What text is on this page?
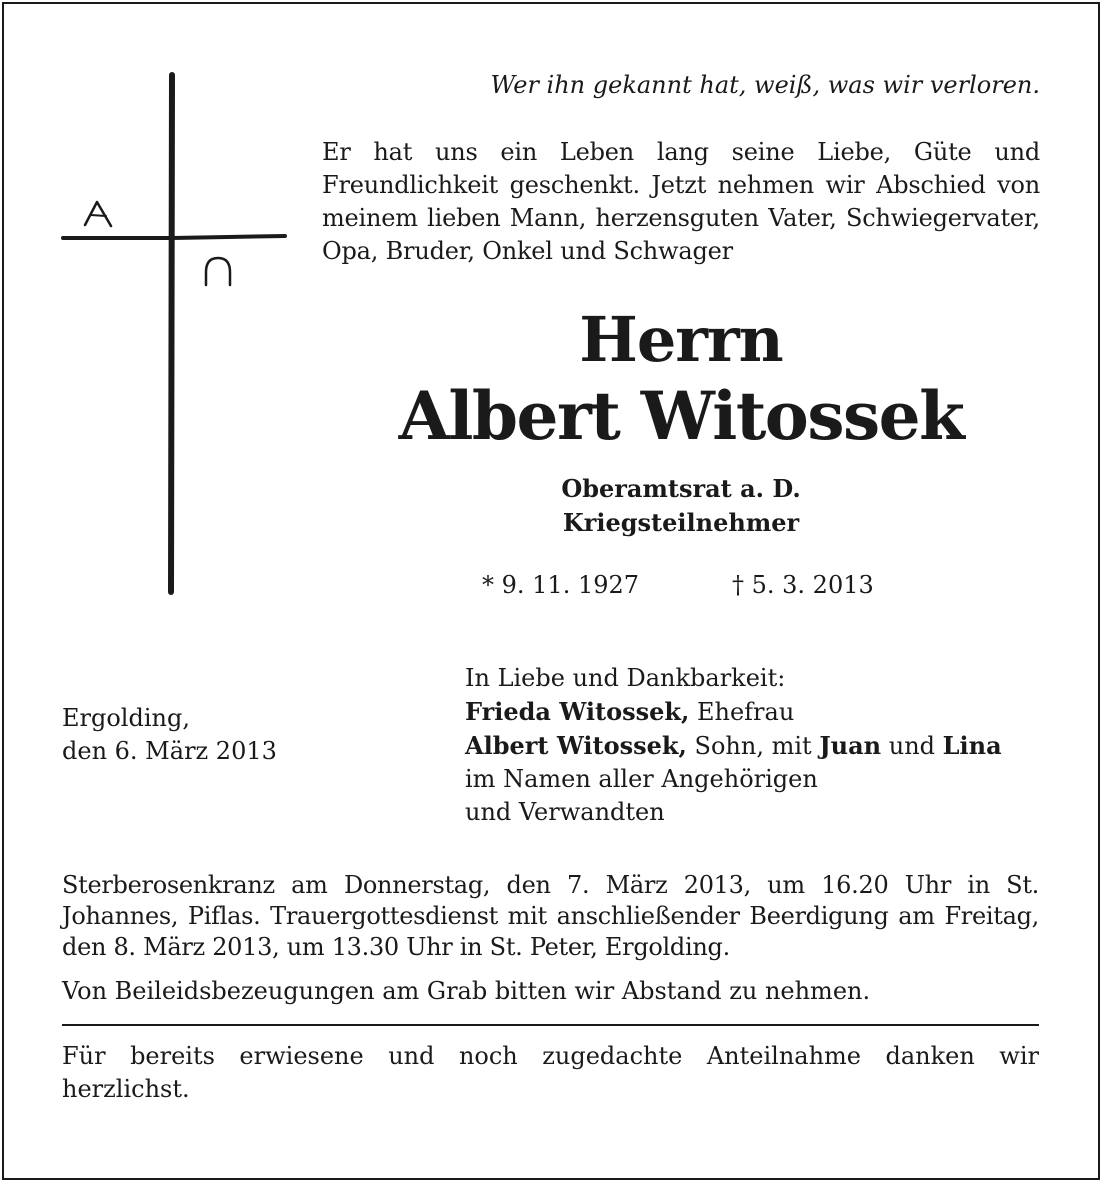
Wer ihn gekannt hat, weiß, was wir verloren.

Er hat uns ein Leben lang seine Liebe, Güte und Freundlichkeit geschenkt. Jetzt nehmen wir Abschied von meinem lieben Mann, herzensguten Vater, Schwiegervater, Opa, Bruder, Onkel und Schwager

Herrn
Albert Witossek
Oberamtsrat a. D.
Kriegsteilnehmer
* 9. 11. 1927	† 5. 3. 2013
Ergolding,
den 6. März 2013
In Liebe und Dankbarkeit:
Frieda Witossek, Ehefrau
Albert Witossek, Sohn, mit Juan und Lina
im Namen aller Angehörigen
und Verwandten
Sterberosenkranz am Donnerstag, den 7. März 2013, um 16.20 Uhr in St. Johannes, Piflas. Trauergottesdienst mit anschließender Beerdigung am Freitag, den 8. März 2013, um 13.30 Uhr in St. Peter, Ergolding.
Von Beileidsbezeugungen am Grab bitten wir Abstand zu nehmen.
Für bereits erwiesene und noch zugedachte Anteilnahme danken wir herzlichst.
